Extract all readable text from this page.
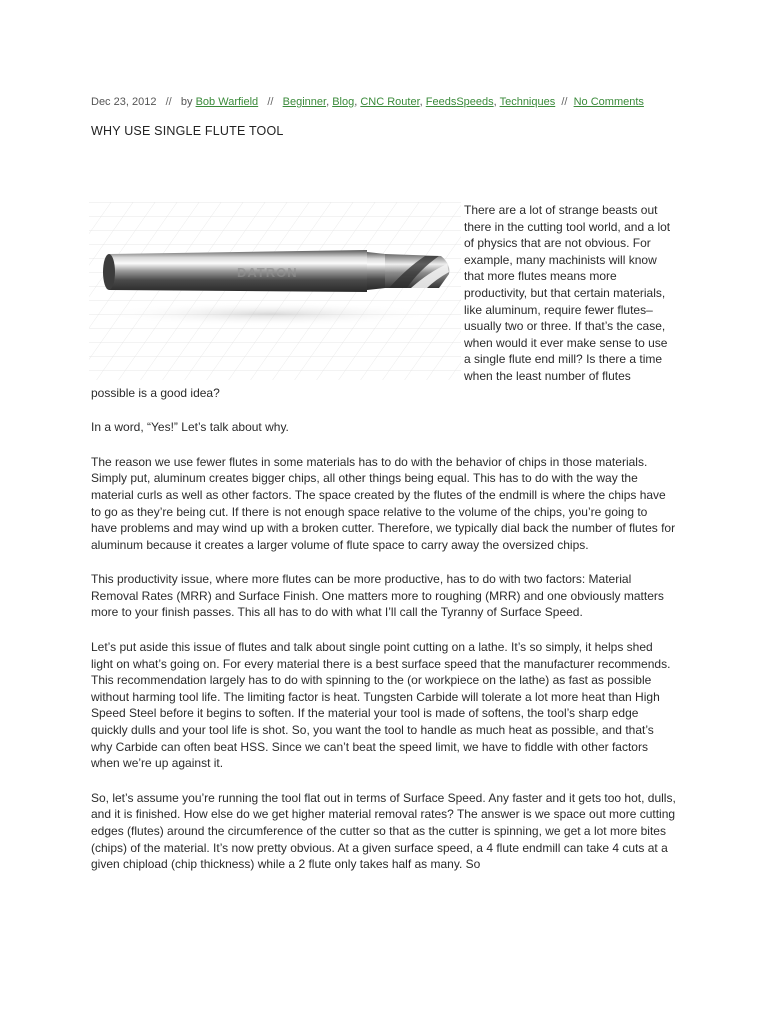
Dec 23, 2012 // by Bob Warfield // Beginner, Blog, CNC Router, FeedsSpeeds, Techniques // No Comments
WHY USE SINGLE FLUTE TOOL
DATRON

There are a lot of strange beasts out there in the cutting tool world, and a lot of physics that are not obvious. For example, many machinists will know that more flutes means more productivity, but that certain materials, like aluminum, require fewer flutes–usually two or three. If that’s the case, when would it ever make sense to use a single flute end mill? Is there a time when the least number of flutes possible is a good idea?

In a word, “Yes!” Let’s talk about why.

The reason we use fewer flutes in some materials has to do with the behavior of chips in those materials. Simply put, aluminum creates bigger chips, all other things being equal. This has to do with the way the material curls as well as other factors. The space created by the flutes of the endmill is where the chips have to go as they’re being cut. If there is not enough space relative to the volume of the chips, you’re going to have problems and may wind up with a broken cutter. Therefore, we typically dial back the number of flutes for aluminum because it creates a larger volume of flute space to carry away the oversized chips.

This productivity issue, where more flutes can be more productive, has to do with two factors: Material Removal Rates (MRR) and Surface Finish. One matters more to roughing (MRR) and one obviously matters more to your finish passes. This all has to do with what I’ll call the Tyranny of Surface Speed.

Let’s put aside this issue of flutes and talk about single point cutting on a lathe. It’s so simply, it helps shed light on what’s going on. For every material there is a best surface speed that the manufacturer recommends. This recommendation largely has to do with spinning to the (or workpiece on the lathe) as fast as possible without harming tool life. The limiting factor is heat. Tungsten Carbide will tolerate a lot more heat than High Speed Steel before it begins to soften. If the material your tool is made of softens, the tool’s sharp edge quickly dulls and your tool life is shot. So, you want the tool to handle as much heat as possible, and that’s why Carbide can often beat HSS. Since we can’t beat the speed limit, we have to fiddle with other factors when we’re up against it.

So, let’s assume you’re running the tool flat out in terms of Surface Speed. Any faster and it gets too hot, dulls, and it is finished. How else do we get higher material removal rates? The answer is we space out more cutting edges (flutes) around the circumference of the cutter so that as the cutter is spinning, we get a lot more bites (chips) of the material. It’s now pretty obvious. At a given surface speed, a 4 flute endmill can take 4 cuts at a given chipload (chip thickness) while a 2 flute only takes half as many. So
